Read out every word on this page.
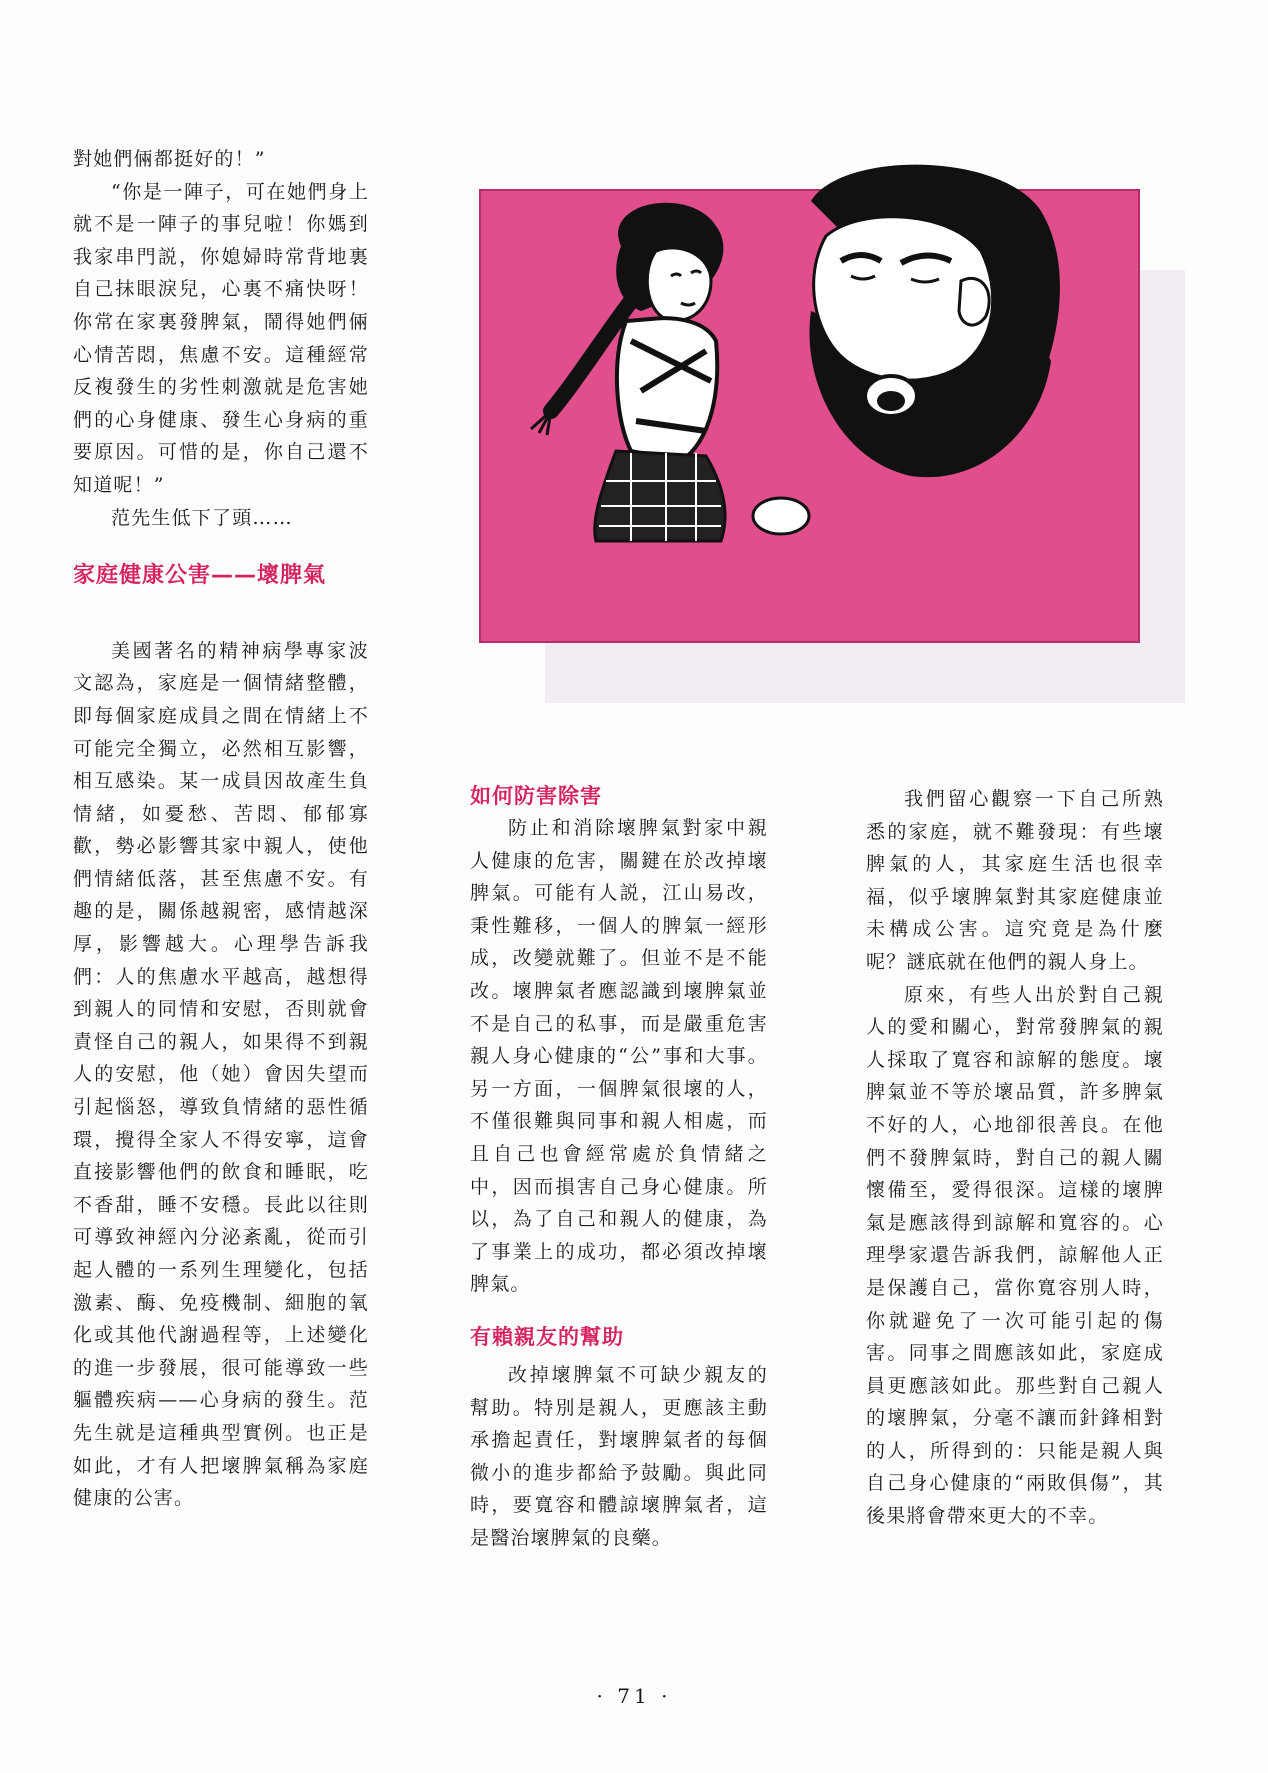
對她們倆都挺好的！”

“你是一陣子，可在她們身上就不是一陣子的事兒啦！你媽到我家串門説，你媳婦時常背地裏自己抹眼淚兒，心裏不痛快呀！你常在家裏發脾氣，鬧得她們倆心情苦悶，焦慮不安。這種經常反複發生的劣性刺激就是危害她們的心身健康、發生心身病的重要原因。可惜的是，你自己還不知道呢！”

范先生低下了頭……

家庭健康公害——壞脾氣

美國著名的精神病學專家波文認為，家庭是一個情緒整體，即每個家庭成員之間在情緒上不可能完全獨立，必然相互影響，相互感染。某一成員因故產生負情緒，如憂愁、苦悶、郁郁寡歡，勢必影響其家中親人，使他們情緒低落，甚至焦慮不安。有趣的是，關係越親密，感情越深厚，影響越大。心理學告訴我們：人的焦慮水平越高，越想得到親人的同情和安慰，否則就會責怪自己的親人，如果得不到親人的安慰，他（她）會因失望而引起惱怒，導致負情緒的惡性循環，攪得全家人不得安寧，這會直接影響他們的飲食和睡眠，吃不香甜，睡不安穩。長此以往則可導致神經內分泌紊亂，從而引起人體的一系列生理變化，包括激素、酶、免疫機制、細胞的氧化或其他代謝過程等，上述變化的進一步發展，很可能導致一些軀體疾病——心身病的發生。范先生就是這種典型實例。也正是如此，才有人把壞脾氣稱為家庭健康的公害。

如何防害除害

防止和消除壞脾氣對家中親人健康的危害，關鍵在於改掉壞脾氣。可能有人説，江山易改，秉性難移，一個人的脾氣一經形成，改變就難了。但並不是不能改。壞脾氣者應認識到壞脾氣並不是自己的私事，而是嚴重危害親人身心健康的“公”事和大事。另一方面，一個脾氣很壞的人，不僅很難與同事和親人相處，而且自己也會經常處於負情緒之中，因而損害自己身心健康。所以，為了自己和親人的健康，為了事業上的成功，都必須改掉壞脾氣。

有賴親友的幫助

改掉壞脾氣不可缺少親友的幫助。特別是親人，更應該主動承擔起責任，對壞脾氣者的每個微小的進步都給予鼓勵。與此同時，要寬容和體諒壞脾氣者，這是醫治壞脾氣的良藥。

我們留心觀察一下自己所熟悉的家庭，就不難發現：有些壞脾氣的人，其家庭生活也很幸福，似乎壞脾氣對其家庭健康並未構成公害。這究竟是為什麼呢？謎底就在他們的親人身上。

原來，有些人出於對自己親人的愛和關心，對常發脾氣的親人採取了寬容和諒解的態度。壞脾氣並不等於壞品質，許多脾氣不好的人，心地卻很善良。在他們不發脾氣時，對自己的親人關懷備至，愛得很深。這樣的壞脾氣是應該得到諒解和寬容的。心理學家還告訴我們，諒解他人正是保護自己，當你寬容別人時，你就避免了一次可能引起的傷害。同事之間應該如此，家庭成員更應該如此。那些對自己親人的壞脾氣，分毫不讓而針鋒相對的人，所得到的：只能是親人與自己身心健康的“兩敗俱傷”，其後果將會帶來更大的不幸。

· 71 ·
